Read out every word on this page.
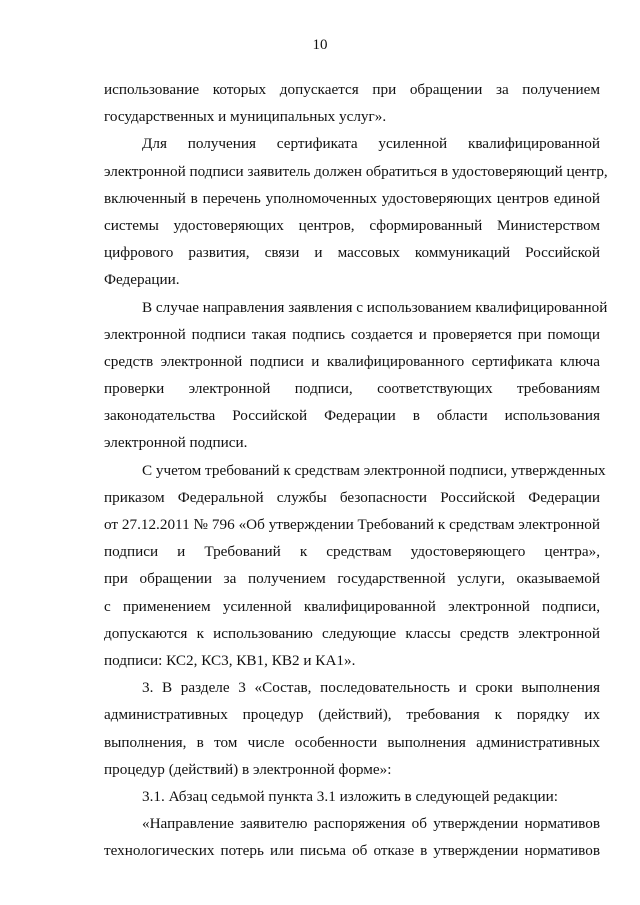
10
использование которых допускается при обращении за получением
государственных и муниципальных услуг».
Для получения сертификата усиленной квалифицированной
электронной подписи заявитель должен обратиться в удостоверяющий центр,
включенный в перечень уполномоченных удостоверяющих центров единой
системы удостоверяющих центров, сформированный Министерством
цифрового развития, связи и массовых коммуникаций Российской
Федерации.
В случае направления заявления с использованием квалифицированной
электронной подписи такая подпись создается и проверяется при помощи
средств электронной подписи и квалифицированного сертификата ключа
проверки электронной подписи, соответствующих требованиям
законодательства Российской Федерации в области использования
электронной подписи.
С учетом требований к средствам электронной подписи, утвержденных
приказом Федеральной службы безопасности Российской Федерации
от 27.12.2011 № 796 «Об утверждении Требований к средствам электронной
подписи и Требований к средствам удостоверяющего центра»,
при обращении за получением государственной услуги, оказываемой
с применением усиленной квалифицированной электронной подписи,
допускаются к использованию следующие классы средств электронной
подписи: КС2, КС3, КВ1, КВ2 и КА1».
3. В разделе 3 «Состав, последовательность и сроки выполнения
административных процедур (действий), требования к порядку их
выполнения, в том числе особенности выполнения административных
процедур (действий) в электронной форме»:
3.1. Абзац седьмой пункта 3.1 изложить в следующей редакции:
«Направление заявителю распоряжения об утверждении нормативов
технологических потерь или письма об отказе в утверждении нормативов
